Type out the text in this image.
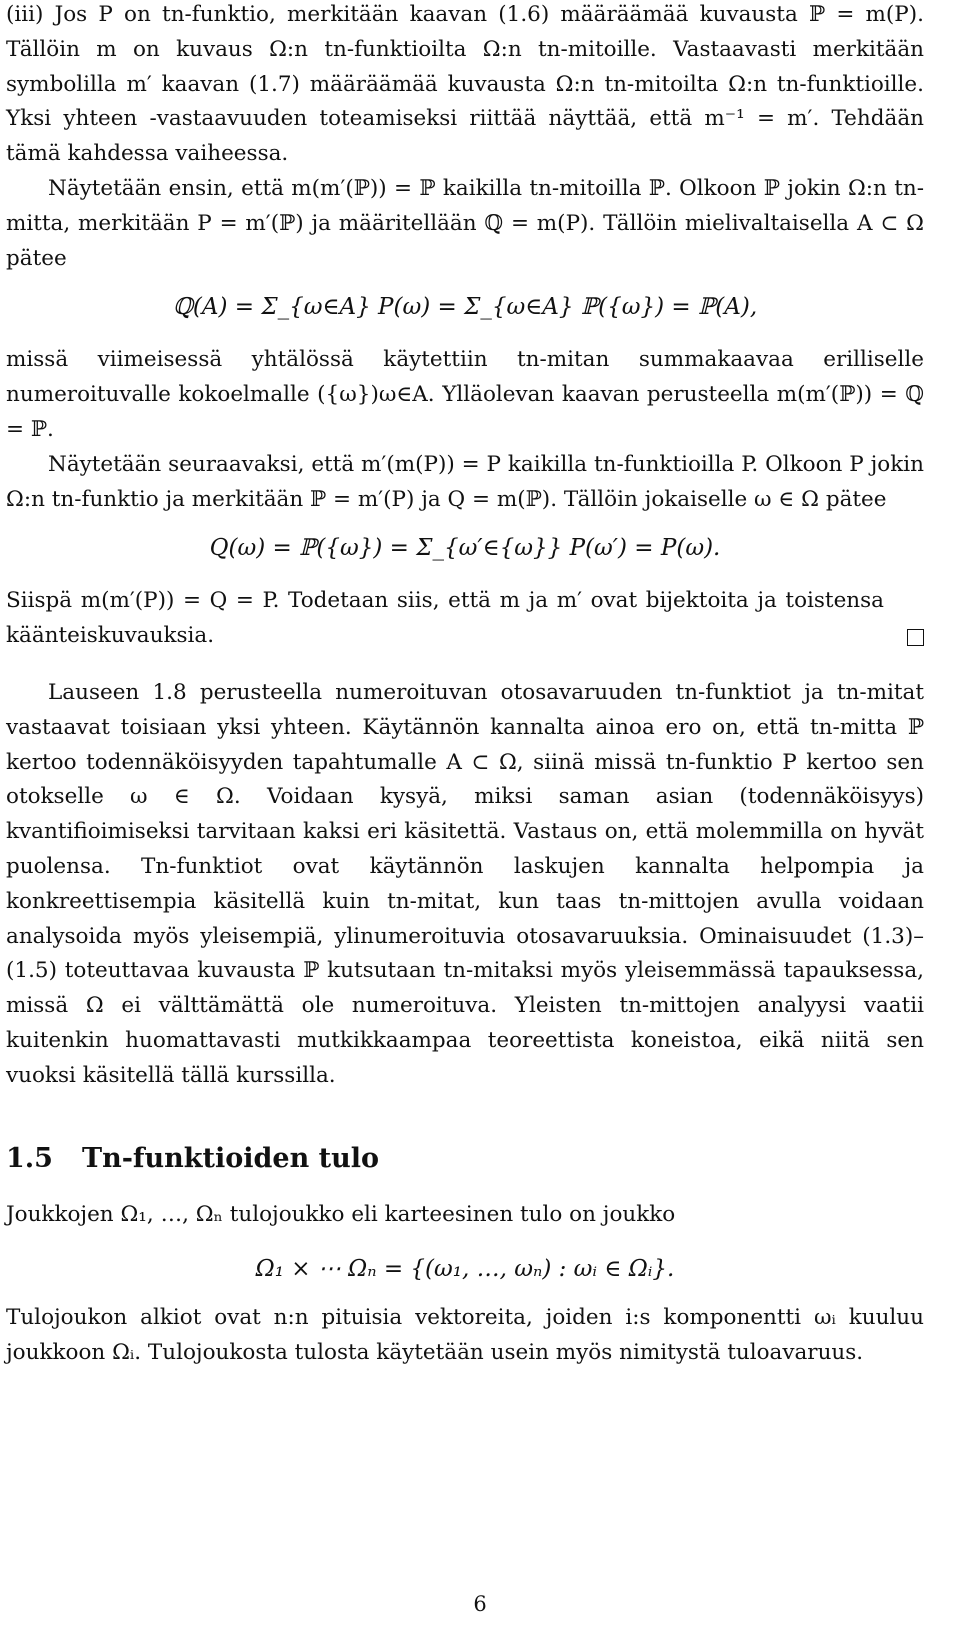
(iii) Jos P on tn-funktio, merkitään kaavan (1.6) määräämää kuvausta ℙ = m(P). Tällöin m on kuvaus Ω:n tn-funktioilta Ω:n tn-mitoille. Vastaavasti merkitään symbolilla m′ kaavan (1.7) määräämää kuvausta Ω:n tn-mitoilta Ω:n tn-funktioille. Yksi yhteen -vastaavuuden toteamiseksi riittää näyttää, että m⁻¹ = m′. Tehdään tämä kahdessa vaiheessa.

Näytetään ensin, että m(m′(ℙ)) = ℙ kaikilla tn-mitoilla ℙ. Olkoon ℙ jokin Ω:n tn-mitta, merkitään P = m′(ℙ) ja määritellään ℚ = m(P). Tällöin mielivaltaisella A ⊂ Ω pätee

ℚ(A) = Σ_{ω∈A} P(ω) = Σ_{ω∈A} ℙ({ω}) = ℙ(A),

missä viimeisessä yhtälössä käytettiin tn-mitan summakaavaa erilliselle numeroituvalle kokoelmalle ({ω})ω∈A. Ylläolevan kaavan perusteella m(m′(ℙ)) = ℚ = ℙ.

Näytetään seuraavaksi, että m′(m(P)) = P kaikilla tn-funktioilla P. Olkoon P jokin Ω:n tn-funktio ja merkitään ℙ = m′(P) ja Q = m(ℙ). Tällöin jokaiselle ω ∈ Ω pätee

Q(ω) = ℙ({ω}) = Σ_{ω′∈{ω}} P(ω′) = P(ω).

Siispä m(m′(P)) = Q = P. Todetaan siis, että m ja m′ ovat bijektoita ja toistensa käänteiskuvauksia.

Lauseen 1.8 perusteella numeroituvan otosavaruuden tn-funktiot ja tn-mitat vastaavat toisiaan yksi yhteen. Käytännön kannalta ainoa ero on, että tn-mitta ℙ kertoo todennäköisyyden tapahtumalle A ⊂ Ω, siinä missä tn-funktio P kertoo sen otokselle ω ∈ Ω. Voidaan kysyä, miksi saman asian (todennäköisyys) kvantifioimiseksi tarvitaan kaksi eri käsitettä. Vastaus on, että molemmilla on hyvät puolensa. Tn-funktiot ovat käytännön laskujen kannalta helpompia ja konkreettisempia käsitellä kuin tn-mitat, kun taas tn-mittojen avulla voidaan analysoida myös yleisempiä, ylinumeroituvia otosavaruuksia. Ominaisuudet (1.3)–(1.5) toteuttavaa kuvausta ℙ kutsutaan tn-mitaksi myös yleisemmässä tapauksessa, missä Ω ei välttämättä ole numeroituva. Yleisten tn-mittojen analyysi vaatii kuitenkin huomattavasti mutkikkaampaa teoreettista koneistoa, eikä niitä sen vuoksi käsitellä tällä kurssilla.

1.5 Tn-funktioiden tulo

Joukkojen Ω₁, …, Ωₙ tulojoukko eli karteesinen tulo on joukko

Ω₁ × ⋯ Ωₙ = {(ω₁, …, ωₙ) : ωᵢ ∈ Ωᵢ}.

Tulojoukon alkiot ovat n:n pituisia vektoreita, joiden i:s komponentti ωᵢ kuuluu joukkoon Ωᵢ. Tulojoukosta tulosta käytetään usein myös nimitystä tuloavaruus.

6
